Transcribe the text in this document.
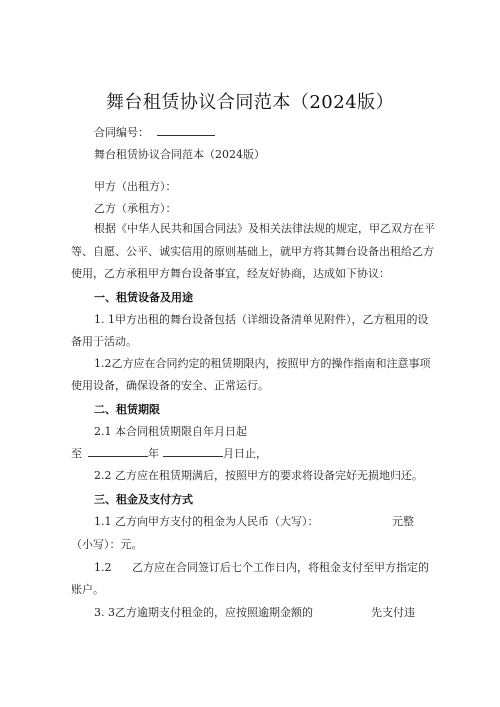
舞台租赁协议合同范本（2024版）
合同编号：
舞台租赁协议合同范本（2024版）
甲方（出租方）：
乙方（承租方）：
根据《中华人民共和国合同法》及相关法律法规的规定，甲乙双方在平
等、自愿、公平、诚实信用的原则基础上，就甲方将其舞台设备出租给乙方
使用，乙方承租甲方舞台设备事宜，经友好协商，达成如下协议：
一、租赁设备及用途
1. 1甲方出租的舞台设备包括（详细设备清单见附件），乙方租用的设
备用于活动。
1.2乙方应在合同约定的租赁期限内，按照甲方的操作指南和注意事项
使用设备，确保设备的安全、正常运行。
二、租赁期限
2.1 本合同租赁期限自年月日起
至	年	月日止，
2.2 乙方应在租赁期满后，按照甲方的要求将设备完好无损地归还。
三、租金及支付方式
1.1 乙方向甲方支付的租金为人民币（大写）：	元整
（小写）：元。
1.2 乙方应在合同签订后七个工作日内，将租金支付至甲方指定的
账户。
3. 3乙方逾期支付租金的，应按照逾期金额的	先支付违
